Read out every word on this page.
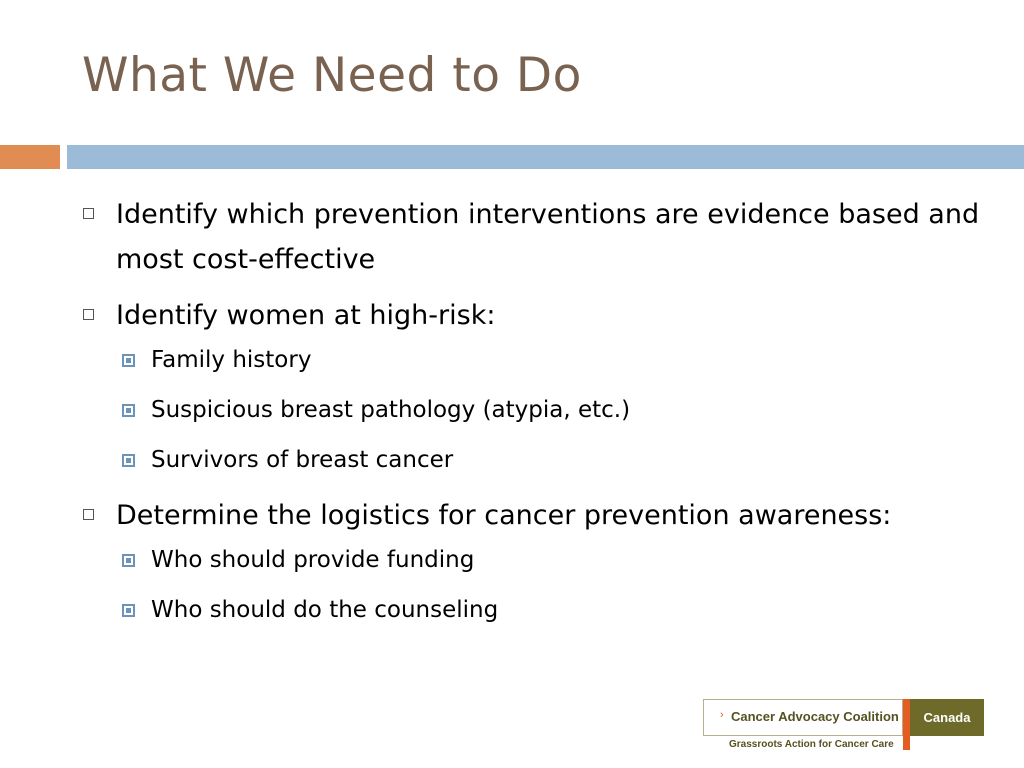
What We Need to Do
Identify which prevention interventions are evidence based and most cost-effective
Identify women at high-risk:
Family history
Suspicious breast pathology (atypia, etc.)
Survivors of breast cancer
Determine the logistics for cancer prevention awareness:
Who should provide funding
Who should do the counseling
› Cancer Advocacy Coalition	Canada
Grassroots Action for Cancer Care
